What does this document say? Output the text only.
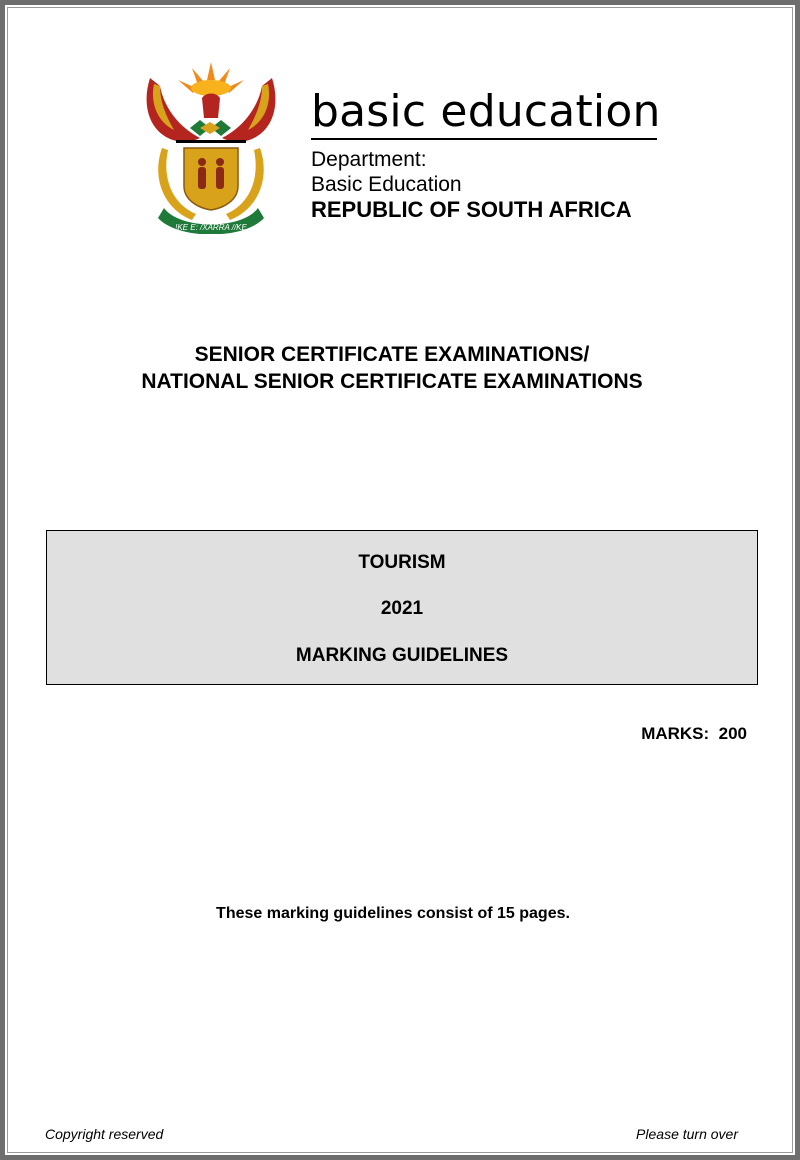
!KE E: /XARRA //KE
basic education
Department:
Basic Education
REPUBLIC OF SOUTH AFRICA
SENIOR CERTIFICATE EXAMINATIONS/
NATIONAL SENIOR CERTIFICATE EXAMINATIONS
TOURISM
2021
MARKING GUIDELINES
MARKS:  200
These marking guidelines consist of 15 pages.
Copyright reserved	Please turn over
